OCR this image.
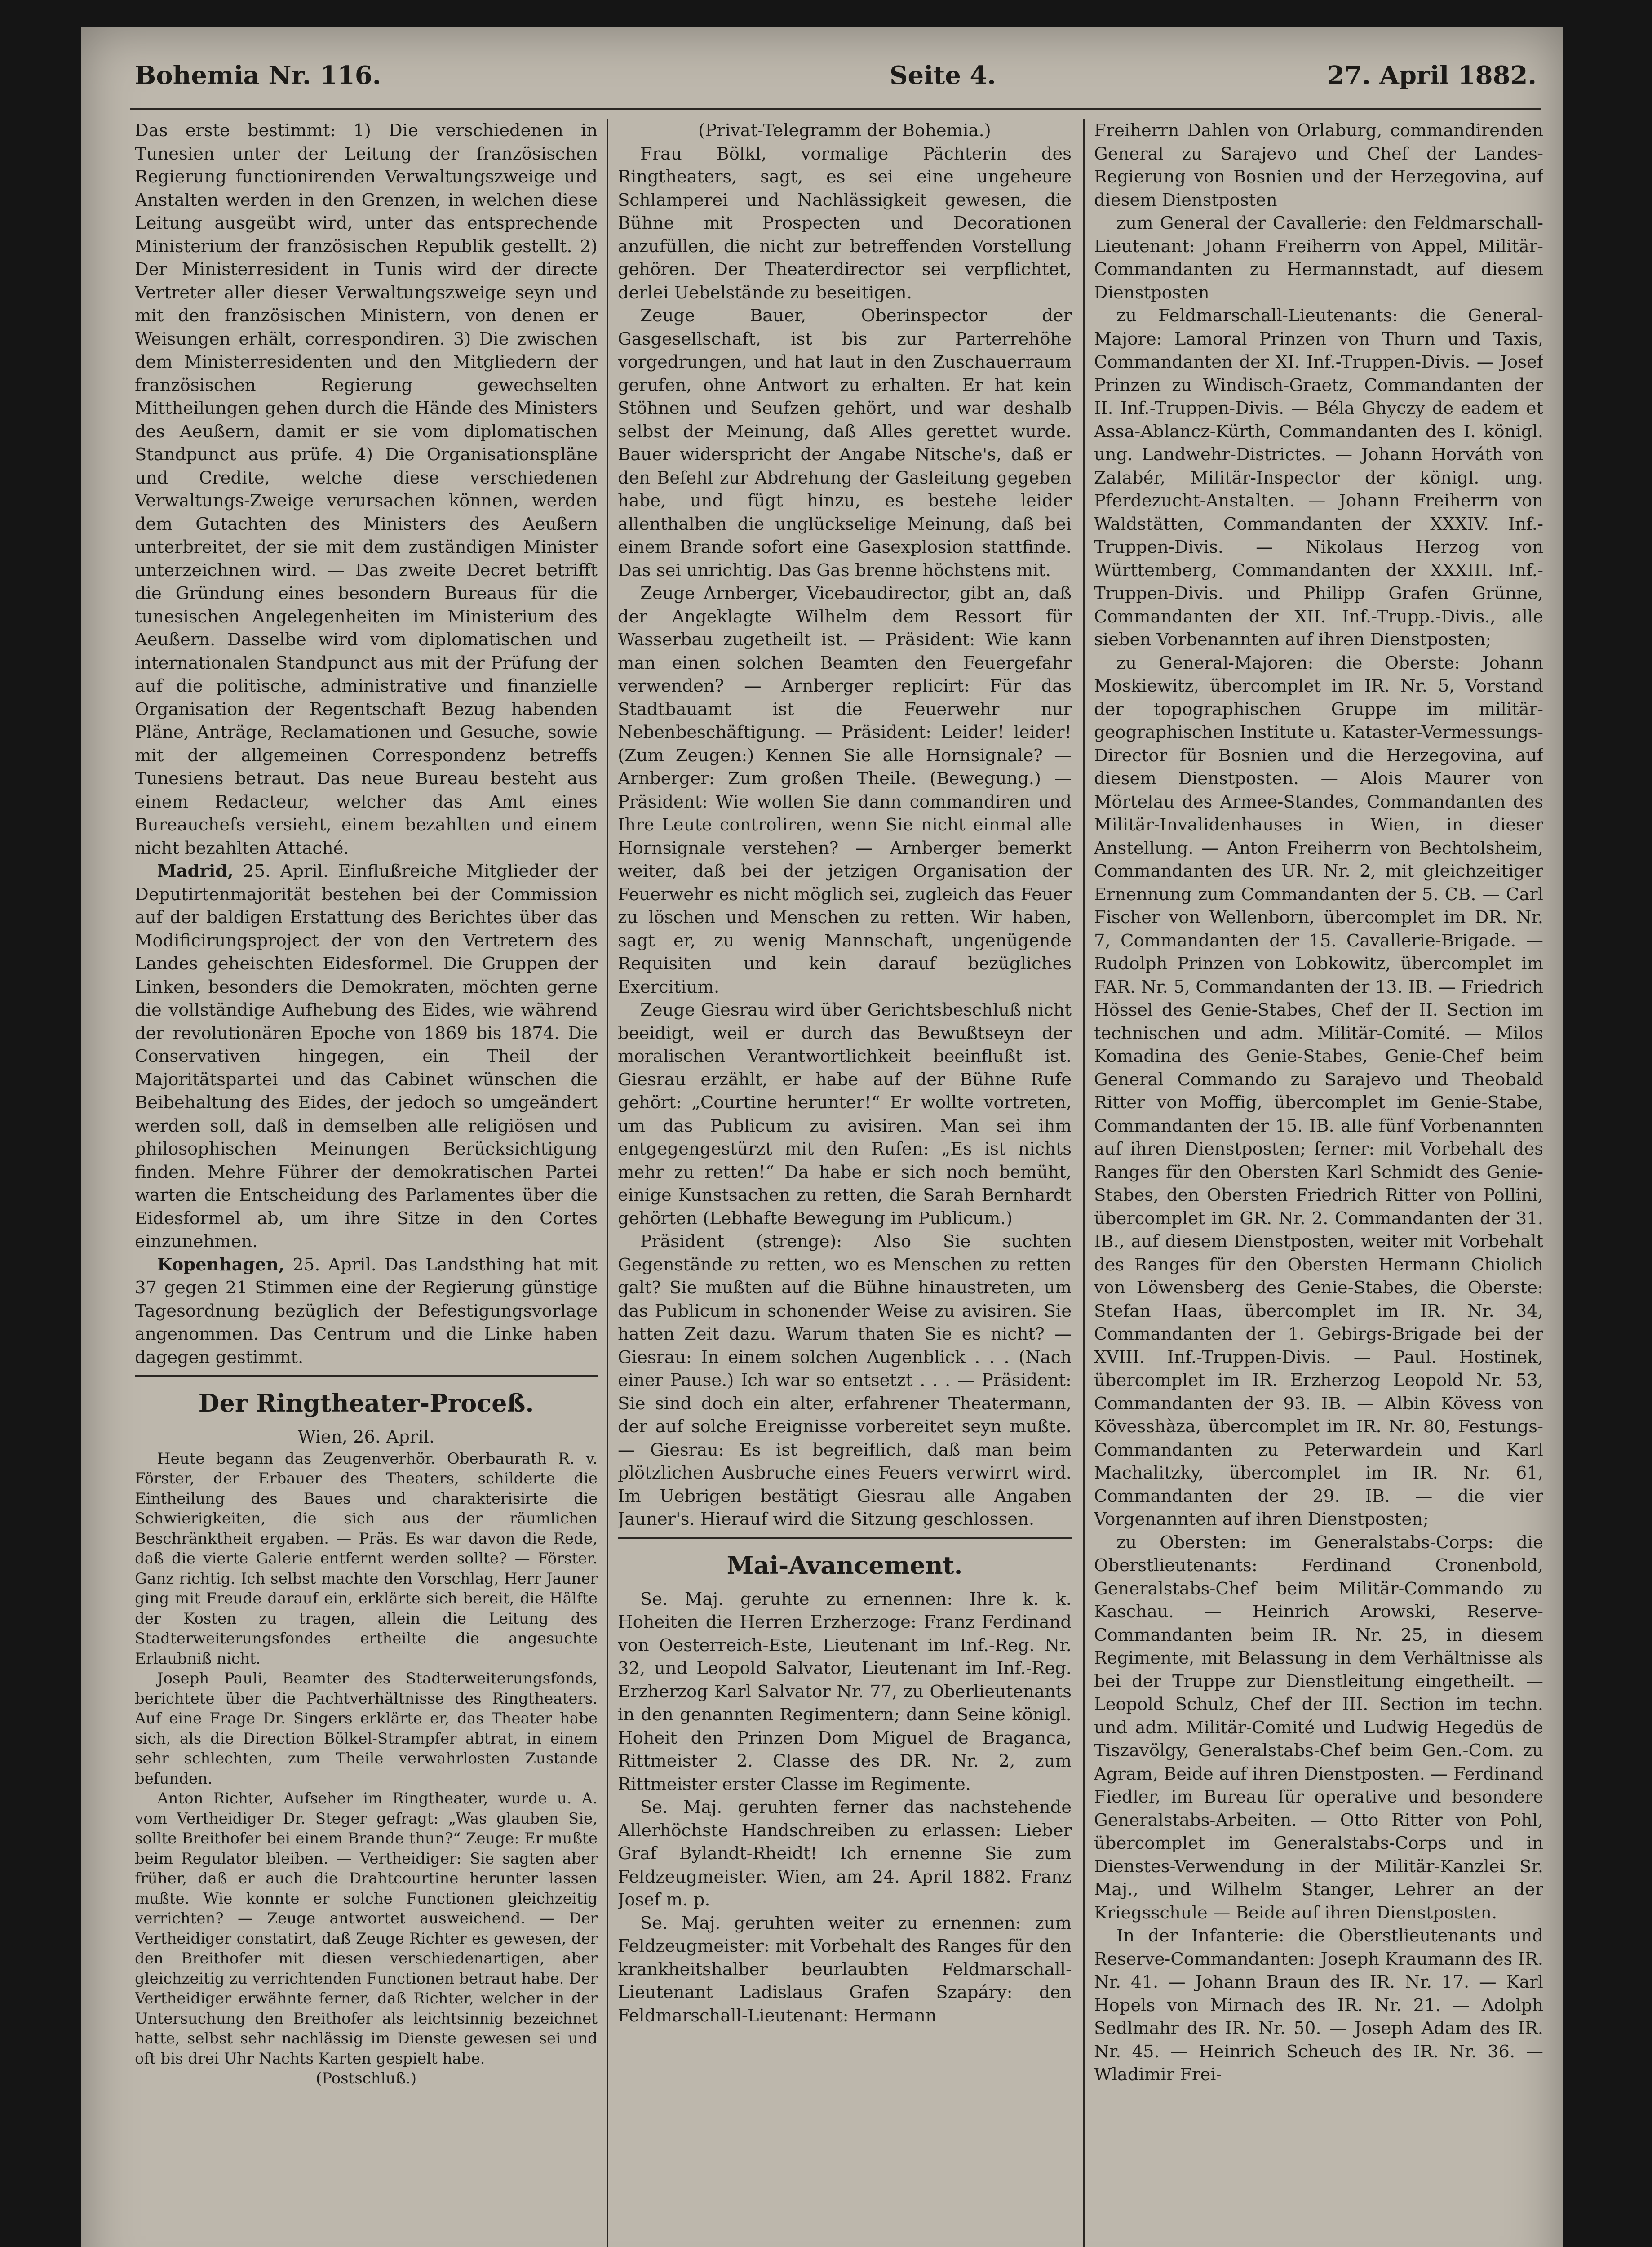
Bohemia Nr. 116.	Seite 4.	27. April 1882.

Das erste bestimmt: 1) Die verschiedenen in Tunesien unter der Leitung der französischen Regierung functionirenden Verwaltungszweige und Anstalten werden in den Grenzen, in welchen diese Leitung ausgeübt wird, unter das entsprechende Ministerium der französischen Republik gestellt. 2) Der Ministerresident in Tunis wird der directe Vertreter aller dieser Verwaltungszweige seyn und mit den französischen Ministern, von denen er Weisungen erhält, correspondiren. 3) Die zwischen dem Ministerresidenten und den Mitgliedern der französischen Regierung gewechselten Mittheilungen gehen durch die Hände des Ministers des Aeußern, damit er sie vom diplomatischen Standpunct aus prüfe. 4) Die Organisationspläne und Credite, welche diese verschiedenen Verwaltungs-Zweige verursachen können, werden dem Gutachten des Ministers des Aeußern unterbreitet, der sie mit dem zuständigen Minister unterzeichnen wird. — Das zweite Decret betrifft die Gründung eines besondern Bureaus für die tunesischen Angelegenheiten im Ministerium des Aeußern. Dasselbe wird vom diplomatischen und internationalen Standpunct aus mit der Prüfung der auf die politische, administrative und finanzielle Organisation der Regentschaft Bezug habenden Pläne, Anträge, Reclamationen und Gesuche, sowie mit der allgemeinen Correspondenz betreffs Tunesiens betraut. Das neue Bureau besteht aus einem Redacteur, welcher das Amt eines Bureauchefs versieht, einem bezahlten und einem nicht bezahlten Attaché.

Madrid, 25. April. Einflußreiche Mitglieder der Deputirtenmajorität bestehen bei der Commission auf der baldigen Erstattung des Berichtes über das Modificirungsproject der von den Vertretern des Landes geheischten Eidesformel. Die Gruppen der Linken, besonders die Demokraten, möchten gerne die vollständige Aufhebung des Eides, wie während der revolutionären Epoche von 1869 bis 1874. Die Conservativen hingegen, ein Theil der Majoritätspartei und das Cabinet wünschen die Beibehaltung des Eides, der jedoch so umgeändert werden soll, daß in demselben alle religiösen und philosophischen Meinungen Berücksichtigung finden. Mehre Führer der demokratischen Partei warten die Entscheidung des Parlamentes über die Eidesformel ab, um ihre Sitze in den Cortes einzunehmen.

Kopenhagen, 25. April. Das Landsthing hat mit 37 gegen 21 Stimmen eine der Regierung günstige Tagesordnung bezüglich der Befestigungsvorlage angenommen. Das Centrum und die Linke haben dagegen gestimmt.

Der Ringtheater-Proceß.

Wien, 26. April.

Heute begann das Zeugenverhör. Oberbaurath R. v. Förster, der Erbauer des Theaters, schilderte die Eintheilung des Baues und charakterisirte die Schwierigkeiten, die sich aus der räumlichen Beschränktheit ergaben. — Präs. Es war davon die Rede, daß die vierte Galerie entfernt werden sollte? — Förster. Ganz richtig. Ich selbst machte den Vorschlag, Herr Jauner ging mit Freude darauf ein, erklärte sich bereit, die Hälfte der Kosten zu tragen, allein die Leitung des Stadterweiterungsfondes ertheilte die angesuchte Erlaubniß nicht.

Joseph Pauli, Beamter des Stadterweiterungsfonds, berichtete über die Pachtverhältnisse des Ringtheaters. Auf eine Frage Dr. Singers erklärte er, das Theater habe sich, als die Direction Bölkel-Strampfer abtrat, in einem sehr schlechten, zum Theile verwahrlosten Zustande befunden.

Anton Richter, Aufseher im Ringtheater, wurde u. A. vom Vertheidiger Dr. Steger gefragt: „Was glauben Sie, sollte Breithofer bei einem Brande thun?“ Zeuge: Er mußte beim Regulator bleiben. — Vertheidiger: Sie sagten aber früher, daß er auch die Drahtcourtine herunter lassen mußte. Wie konnte er solche Functionen gleichzeitig verrichten? — Zeuge antwortet ausweichend. — Der Vertheidiger constatirt, daß Zeuge Richter es gewesen, der den Breithofer mit diesen verschiedenartigen, aber gleichzeitig zu verrichtenden Functionen betraut habe. Der Vertheidiger erwähnte ferner, daß Richter, welcher in der Untersuchung den Breithofer als leichtsinnig bezeichnet hatte, selbst sehr nachlässig im Dienste gewesen sei und oft bis drei Uhr Nachts Karten gespielt habe.

(Postschluß.)

(Privat-Telegramm der Bohemia.)

Frau Bölkl, vormalige Pächterin des Ringtheaters, sagt, es sei eine ungeheure Schlamperei und Nachlässigkeit gewesen, die Bühne mit Prospecten und Decorationen anzufüllen, die nicht zur betreffenden Vorstellung gehören. Der Theaterdirector sei verpflichtet, derlei Uebelstände zu beseitigen.

Zeuge Bauer, Oberinspector der Gasgesellschaft, ist bis zur Parterrehöhe vorgedrungen, und hat laut in den Zuschauerraum gerufen, ohne Antwort zu erhalten. Er hat kein Stöhnen und Seufzen gehört, und war deshalb selbst der Meinung, daß Alles gerettet wurde. Bauer widerspricht der Angabe Nitsche's, daß er den Befehl zur Abdrehung der Gasleitung gegeben habe, und fügt hinzu, es bestehe leider allenthalben die unglückselige Meinung, daß bei einem Brande sofort eine Gasexplosion stattfinde. Das sei unrichtig. Das Gas brenne höchstens mit.

Zeuge Arnberger, Vicebaudirector, gibt an, daß der Angeklagte Wilhelm dem Ressort für Wasserbau zugetheilt ist. — Präsident: Wie kann man einen solchen Beamten den Feuergefahr verwenden? — Arnberger replicirt: Für das Stadtbauamt ist die Feuerwehr nur Nebenbeschäftigung. — Präsident: Leider! leider! (Zum Zeugen:) Kennen Sie alle Hornsignale? — Arnberger: Zum großen Theile. (Bewegung.) — Präsident: Wie wollen Sie dann commandiren und Ihre Leute controliren, wenn Sie nicht einmal alle Hornsignale verstehen? — Arnberger bemerkt weiter, daß bei der jetzigen Organisation der Feuerwehr es nicht möglich sei, zugleich das Feuer zu löschen und Menschen zu retten. Wir haben, sagt er, zu wenig Mannschaft, ungenügende Requisiten und kein darauf bezügliches Exercitium.

Zeuge Giesrau wird über Gerichtsbeschluß nicht beeidigt, weil er durch das Bewußtseyn der moralischen Verantwortlichkeit beeinflußt ist. Giesrau erzählt, er habe auf der Bühne Rufe gehört: „Courtine herunter!“ Er wollte vortreten, um das Publicum zu avisiren. Man sei ihm entgegengestürzt mit den Rufen: „Es ist nichts mehr zu retten!“ Da habe er sich noch bemüht, einige Kunstsachen zu retten, die Sarah Bernhardt gehörten (Lebhafte Bewegung im Publicum.)

Präsident (strenge): Also Sie suchten Gegenstände zu retten, wo es Menschen zu retten galt? Sie mußten auf die Bühne hinaustreten, um das Publicum in schonender Weise zu avisiren. Sie hatten Zeit dazu. Warum thaten Sie es nicht? — Giesrau: In einem solchen Augenblick . . . (Nach einer Pause.) Ich war so entsetzt . . . — Präsident: Sie sind doch ein alter, erfahrener Theatermann, der auf solche Ereignisse vorbereitet seyn mußte. — Giesrau: Es ist begreiflich, daß man beim plötzlichen Ausbruche eines Feuers verwirrt wird. Im Uebrigen bestätigt Giesrau alle Angaben Jauner's. Hierauf wird die Sitzung geschlossen.

Mai-Avancement.

Se. Maj. geruhte zu ernennen: Ihre k. k. Hoheiten die Herren Erzherzoge: Franz Ferdinand von Oesterreich-Este, Lieutenant im Inf.-Reg. Nr. 32, und Leopold Salvator, Lieutenant im Inf.-Reg. Erzherzog Karl Salvator Nr. 77, zu Oberlieutenants in den genannten Regimentern; dann Seine königl. Hoheit den Prinzen Dom Miguel de Braganca, Rittmeister 2. Classe des DR. Nr. 2, zum Rittmeister erster Classe im Regimente.

Se. Maj. geruhten ferner das nachstehende Allerhöchste Handschreiben zu erlassen: Lieber Graf Bylandt-Rheidt! Ich ernenne Sie zum Feldzeugmeister. Wien, am 24. April 1882. Franz Josef m. p.

Se. Maj. geruhten weiter zu ernennen: zum Feldzeugmeister: mit Vorbehalt des Ranges für den krankheitshalber beurlaubten Feldmarschall-Lieutenant Ladislaus Grafen Szapáry: den Feldmarschall-Lieutenant: Hermann

Freiherrn Dahlen von Orlaburg, commandirenden General zu Sarajevo und Chef der Landes-Regierung von Bosnien und der Herzegovina, auf diesem Dienstposten

zum General der Cavallerie: den Feldmarschall-Lieutenant: Johann Freiherrn von Appel, Militär-Commandanten zu Hermannstadt, auf diesem Dienstposten

zu Feldmarschall-Lieutenants: die General-Majore: Lamoral Prinzen von Thurn und Taxis, Commandanten der XI. Inf.-Truppen-Divis. — Josef Prinzen zu Windisch-Graetz, Commandanten der II. Inf.-Truppen-Divis. — Béla Ghyczy de eadem et Assa-Ablancz-Kürth, Commandanten des I. königl. ung. Landwehr-Districtes. — Johann Horváth von Zalabér, Militär-Inspector der königl. ung. Pferdezucht-Anstalten. — Johann Freiherrn von Waldstätten, Commandanten der XXXIV. Inf.-Truppen-Divis. — Nikolaus Herzog von Württemberg, Commandanten der XXXIII. Inf.-Truppen-Divis. und Philipp Grafen Grünne, Commandanten der XII. Inf.-Trupp.-Divis., alle sieben Vorbenannten auf ihren Dienstposten;

zu General-Majoren: die Oberste: Johann Moskiewitz, übercomplet im IR. Nr. 5, Vorstand der topographischen Gruppe im militär-geographischen Institute u. Kataster-Vermessungs-Director für Bosnien und die Herzegovina, auf diesem Dienstposten. — Alois Maurer von Mörtelau des Armee-Standes, Commandanten des Militär-Invalidenhauses in Wien, in dieser Anstellung. — Anton Freiherrn von Bechtolsheim, Commandanten des UR. Nr. 2, mit gleichzeitiger Ernennung zum Commandanten der 5. CB. — Carl Fischer von Wellenborn, übercomplet im DR. Nr. 7, Commandanten der 15. Cavallerie-Brigade. — Rudolph Prinzen von Lobkowitz, übercomplet im FAR. Nr. 5, Commandanten der 13. IB. — Friedrich Hössel des Genie-Stabes, Chef der II. Section im technischen und adm. Militär-Comité. — Milos Komadina des Genie-Stabes, Genie-Chef beim General Commando zu Sarajevo und Theobald Ritter von Moffig, übercomplet im Genie-Stabe, Commandanten der 15. IB. alle fünf Vorbenannten auf ihren Dienstposten; ferner: mit Vorbehalt des Ranges für den Obersten Karl Schmidt des Genie-Stabes, den Obersten Friedrich Ritter von Pollini, übercomplet im GR. Nr. 2. Commandanten der 31. IB., auf diesem Dienstposten, weiter mit Vorbehalt des Ranges für den Obersten Hermann Chiolich von Löwensberg des Genie-Stabes, die Oberste: Stefan Haas, übercomplet im IR. Nr. 34, Commandanten der 1. Gebirgs-Brigade bei der XVIII. Inf.-Truppen-Divis. — Paul. Hostinek, übercomplet im IR. Erzherzog Leopold Nr. 53, Commandanten der 93. IB. — Albin Kövess von Kövesshàza, übercomplet im IR. Nr. 80, Festungs-Commandanten zu Peterwardein und Karl Machalitzky, übercomplet im IR. Nr. 61, Commandanten der 29. IB. — die vier Vorgenannten auf ihren Dienstposten;

zu Obersten: im Generalstabs-Corps: die Oberstlieutenants: Ferdinand Cronenbold, Generalstabs-Chef beim Militär-Commando zu Kaschau. — Heinrich Arowski, Reserve-Commandanten beim IR. Nr. 25, in diesem Regimente, mit Belassung in dem Verhältnisse als bei der Truppe zur Dienstleitung eingetheilt. — Leopold Schulz, Chef der III. Section im techn. und adm. Militär-Comité und Ludwig Hegedüs de Tiszavölgy, Generalstabs-Chef beim Gen.-Com. zu Agram, Beide auf ihren Dienstposten. — Ferdinand Fiedler, im Bureau für operative und besondere Generalstabs-Arbeiten. — Otto Ritter von Pohl, übercomplet im Generalstabs-Corps und in Dienstes-Verwendung in der Militär-Kanzlei Sr. Maj., und Wilhelm Stanger, Lehrer an der Kriegsschule — Beide auf ihren Dienstposten.

In der Infanterie: die Oberstlieutenants und Reserve-Commandanten: Joseph Kraumann des IR. Nr. 41. — Johann Braun des IR. Nr. 17. — Karl Hopels von Mirnach des IR. Nr. 21. — Adolph Sedlmahr des IR. Nr. 50. — Joseph Adam des IR. Nr. 45. — Heinrich Scheuch des IR. Nr. 36. — Wladimir Frei-
